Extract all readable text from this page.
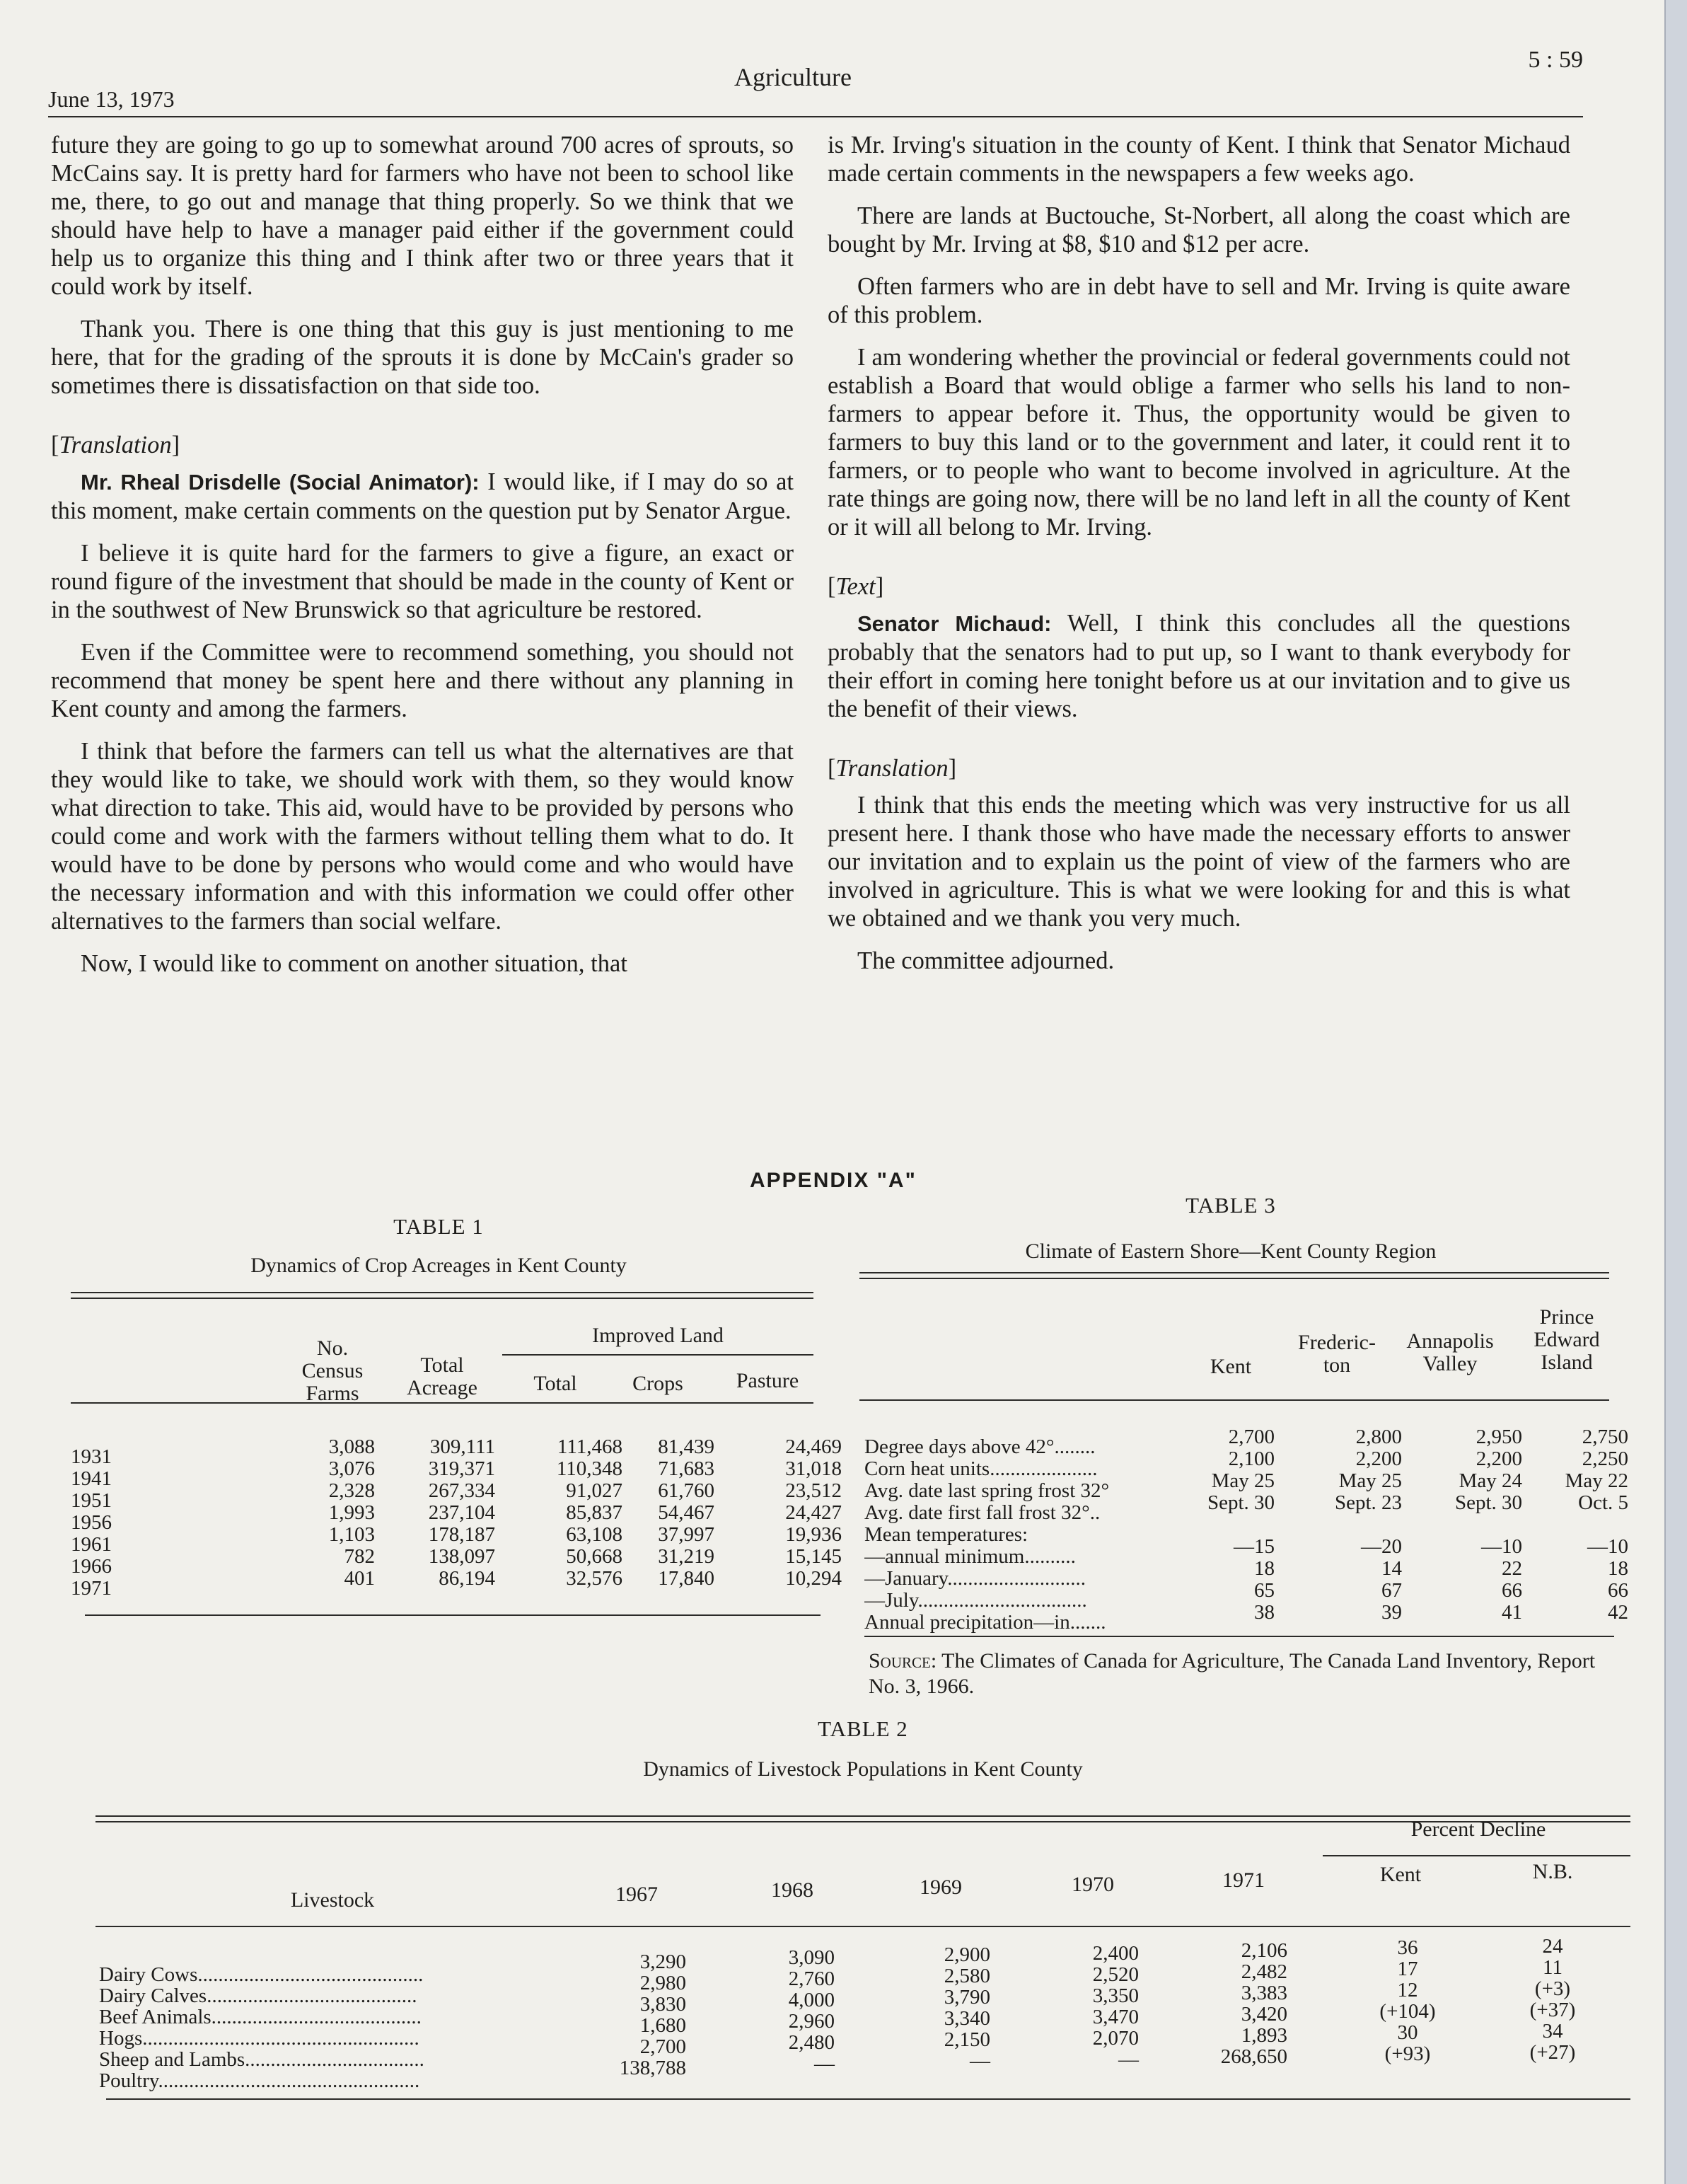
June 13, 1973
Agriculture
5 : 59

future they are going to go up to somewhat around 700 acres of sprouts, so McCains say. It is pretty hard for farmers who have not been to school like me, there, to go out and manage that thing properly. So we think that we should have help to have a manager paid either if the government could help us to organize this thing and I think after two or three years that it could work by itself.

Thank you. There is one thing that this guy is just mentioning to me here, that for the grading of the sprouts it is done by McCain's grader so sometimes there is dissatisfaction on that side too.

[Translation]

Mr. Rheal Drisdelle (Social Animator): I would like, if I may do so at this moment, make certain comments on the question put by Senator Argue.

I believe it is quite hard for the farmers to give a figure, an exact or round figure of the investment that should be made in the county of Kent or in the southwest of New Brunswick so that agriculture be restored.

Even if the Committee were to recommend something, you should not recommend that money be spent here and there without any planning in Kent county and among the farmers.

I think that before the farmers can tell us what the alternatives are that they would like to take, we should work with them, so they would know what direction to take. This aid, would have to be provided by persons who could come and work with the farmers without telling them what to do. It would have to be done by persons who would come and who would have the necessary information and with this information we could offer other alternatives to the farmers than social welfare.

Now, I would like to comment on another situation, that

is Mr. Irving's situation in the county of Kent. I think that Senator Michaud made certain comments in the newspapers a few weeks ago.

There are lands at Buctouche, St-Norbert, all along the coast which are bought by Mr. Irving at $8, $10 and $12 per acre.

Often farmers who are in debt have to sell and Mr. Irving is quite aware of this problem.

I am wondering whether the provincial or federal governments could not establish a Board that would oblige a farmer who sells his land to non-farmers to appear before it. Thus, the opportunity would be given to farmers to buy this land or to the government and later, it could rent it to farmers, or to people who want to become involved in agriculture. At the rate things are going now, there will be no land left in all the county of Kent or it will all belong to Mr. Irving.

[Text]

Senator Michaud: Well, I think this concludes all the questions probably that the senators had to put up, so I want to thank everybody for their effort in coming here tonight before us at our invitation and to give us the benefit of their views.

[Translation]

I think that this ends the meeting which was very instructive for us all present here. I thank those who have made the necessary efforts to answer our invitation and to explain us the point of view of the farmers who are involved in agriculture. This is what we were looking for and this is what we obtained and we thank you very much.

The committee adjourned.

APPENDIX "A"
TABLE 1
Dynamics of Crop Acreages in Kent County
No.
Census
Farms
Total
Acreage
Improved Land
Total	Crops	Pasture
1931	3,088	309,111	111,468	81,439	24,469
1941	3,076	319,371	110,348	71,683	31,018
1951	2,328	267,334	91,027	61,760	23,512
1956	1,993	237,104	85,837	54,467	24,427
1961	1,103	178,187	63,108	37,997	19,936
1966	782	138,097	50,668	31,219	15,145
1971	401	86,194	32,576	17,840	10,294
TABLE 3
Climate of Eastern Shore—Kent County Region
Kent
Frederic-
ton
Annapolis
Valley
Prince
Edward
Island
Degree days above 42°........	2,700	2,800	2,950	2,750
Corn heat units.....................	2,100	2,200	2,200	2,250
Avg. date last spring frost 32°	May 25	May 25	May 24	May 22
Avg. date first fall frost 32°..	Sept. 30	Sept. 23	Sept. 30	Oct. 5
Mean temperatures:
—annual minimum..........	—15	—20	—10	—10
—January...........................	18	14	22	18
—July.................................	65	67	66	66
Annual precipitation—in.......	38	39	41	42
Source: The Climates of Canada for Agriculture, The Canada Land Inventory, Report No. 3, 1966.
TABLE 2
Dynamics of Livestock Populations in Kent County
Livestock	1967	1968	1969	1970	1971
Percent Decline
Kent	N.B.
Dairy Cows............................................
3,290	3,090	2,900	2,400	2,106	36	24
Dairy Calves.........................................
2,980	2,760	2,580	2,520	2,482	17	11
Beef Animals.........................................
3,830	4,000	3,790	3,350	3,383	12	(+3)
Hogs......................................................
1,680	2,960	3,340	3,470	3,420	(+104)	(+37)
Sheep and Lambs...................................
2,700	2,480	2,150	2,070	1,893	30	34
Poultry...................................................
138,788	—	—	—	268,650	(+93)	(+27)
